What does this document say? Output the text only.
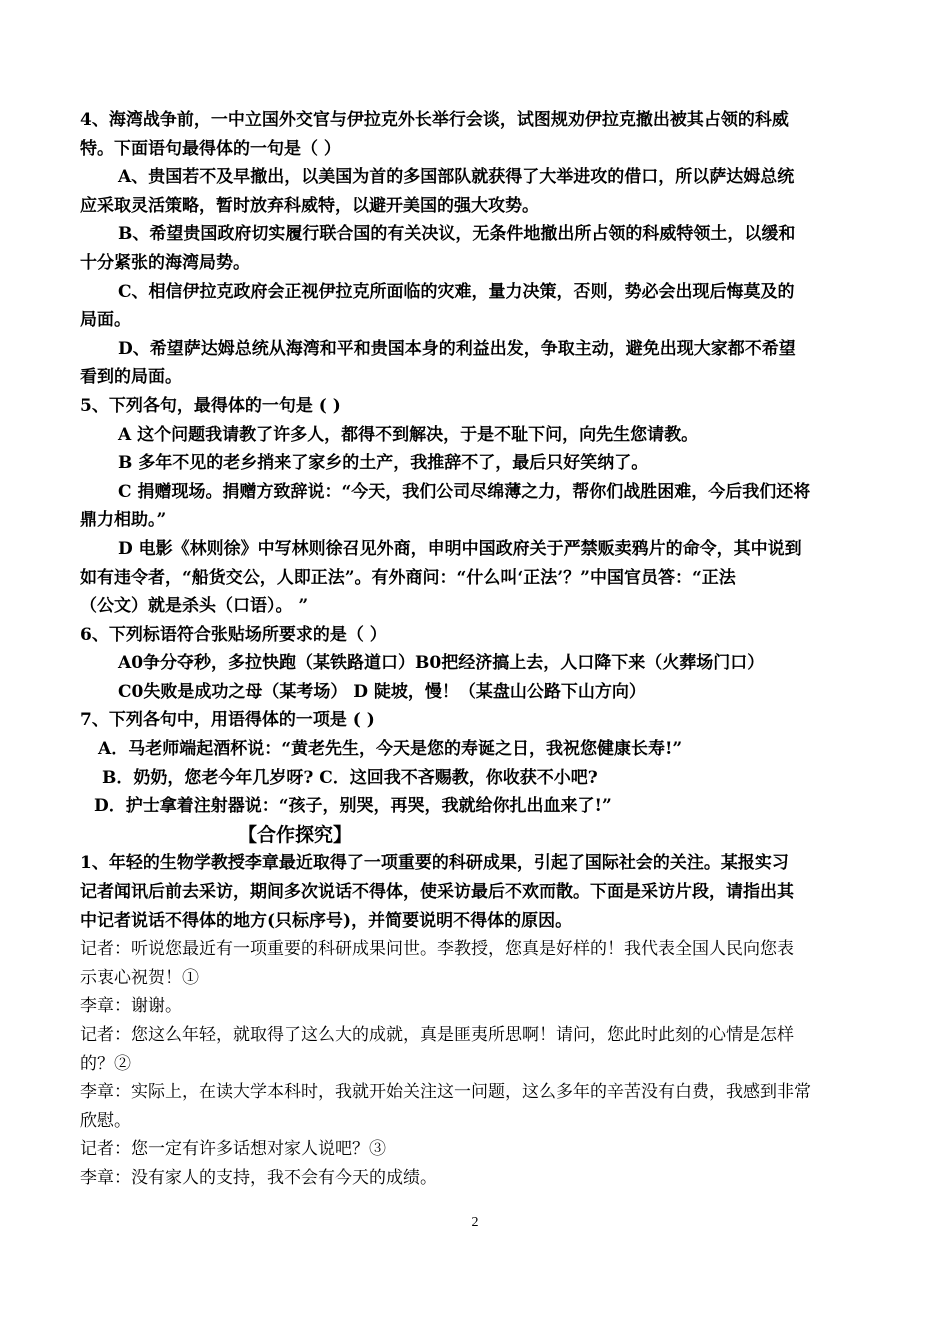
4、海湾战争前，一中立国外交官与伊拉克外长举行会谈，试图规劝伊拉克撤出被其占领的科威
特。下面语句最得体的一句是（ ）
A、贵国若不及早撤出，以美国为首的多国部队就获得了大举进攻的借口，所以萨达姆总统
应采取灵活策略，暂时放弃科威特，以避开美国的强大攻势。
B、希望贵国政府切实履行联合国的有关决议，无条件地撤出所占领的科威特领土，以缓和
十分紧张的海湾局势。
C、相信伊拉克政府会正视伊拉克所面临的灾难，量力决策，否则，势必会出现后悔莫及的
局面。
D、希望萨达姆总统从海湾和平和贵国本身的利益出发，争取主动，避免出现大家都不希望
看到的局面。
5、下列各句，最得体的一句是 ( )
A 这个问题我请教了许多人，都得不到解决，于是不耻下问，向先生您请教。
B 多年不见的老乡捎来了家乡的土产，我推辞不了，最后只好笑纳了。
C 捐赠现场。捐赠方致辞说：“今天，我们公司尽绵薄之力，帮你们战胜困难，今后我们还将
鼎力相助。”
D 电影《林则徐》中写林则徐召见外商，申明中国政府关于严禁贩卖鸦片的命令，其中说到
如有违令者，“船货交公，人即正法”。有外商问：“什么叫‘正法’？”中国官员答：“正法
（公文）就是杀头（口语）。 ”
6、下列标语符合张贴场所要求的是（ ）
A0争分夺秒，多拉快跑（某铁路道口）B0把经济搞上去，人口降下来（火葬场门口）
C0失败是成功之母（某考场） D 陡坡，慢！（某盘山公路下山方向）
7、下列各句中，用语得体的一项是 ( )
A．马老师端起酒杯说：“黄老先生，今天是您的寿诞之日，我祝您健康长寿!”
B．奶奶，您老今年几岁呀? C．这回我不吝赐教，你收获不小吧?
D．护士拿着注射器说：“孩子，别哭，再哭，我就给你扎出血来了!”
【合作探究】
1、年轻的生物学教授李章最近取得了一项重要的科研成果，引起了国际社会的关注。某报实习
记者闻讯后前去采访，期间多次说话不得体，使采访最后不欢而散。下面是采访片段，请指出其
中记者说话不得体的地方(只标序号)，并简要说明不得体的原因。
记者：听说您最近有一项重要的科研成果问世。李教授，您真是好样的！我代表全国人民向您表
示衷心祝贺！①
李章：谢谢。
记者：您这么年轻，就取得了这么大的成就，真是匪夷所思啊！请问，您此时此刻的心情是怎样
的？②
李章：实际上，在读大学本科时，我就开始关注这一问题，这么多年的辛苦没有白费，我感到非常
欣慰。
记者：您一定有许多话想对家人说吧？③
李章：没有家人的支持，我不会有今天的成绩。
2
